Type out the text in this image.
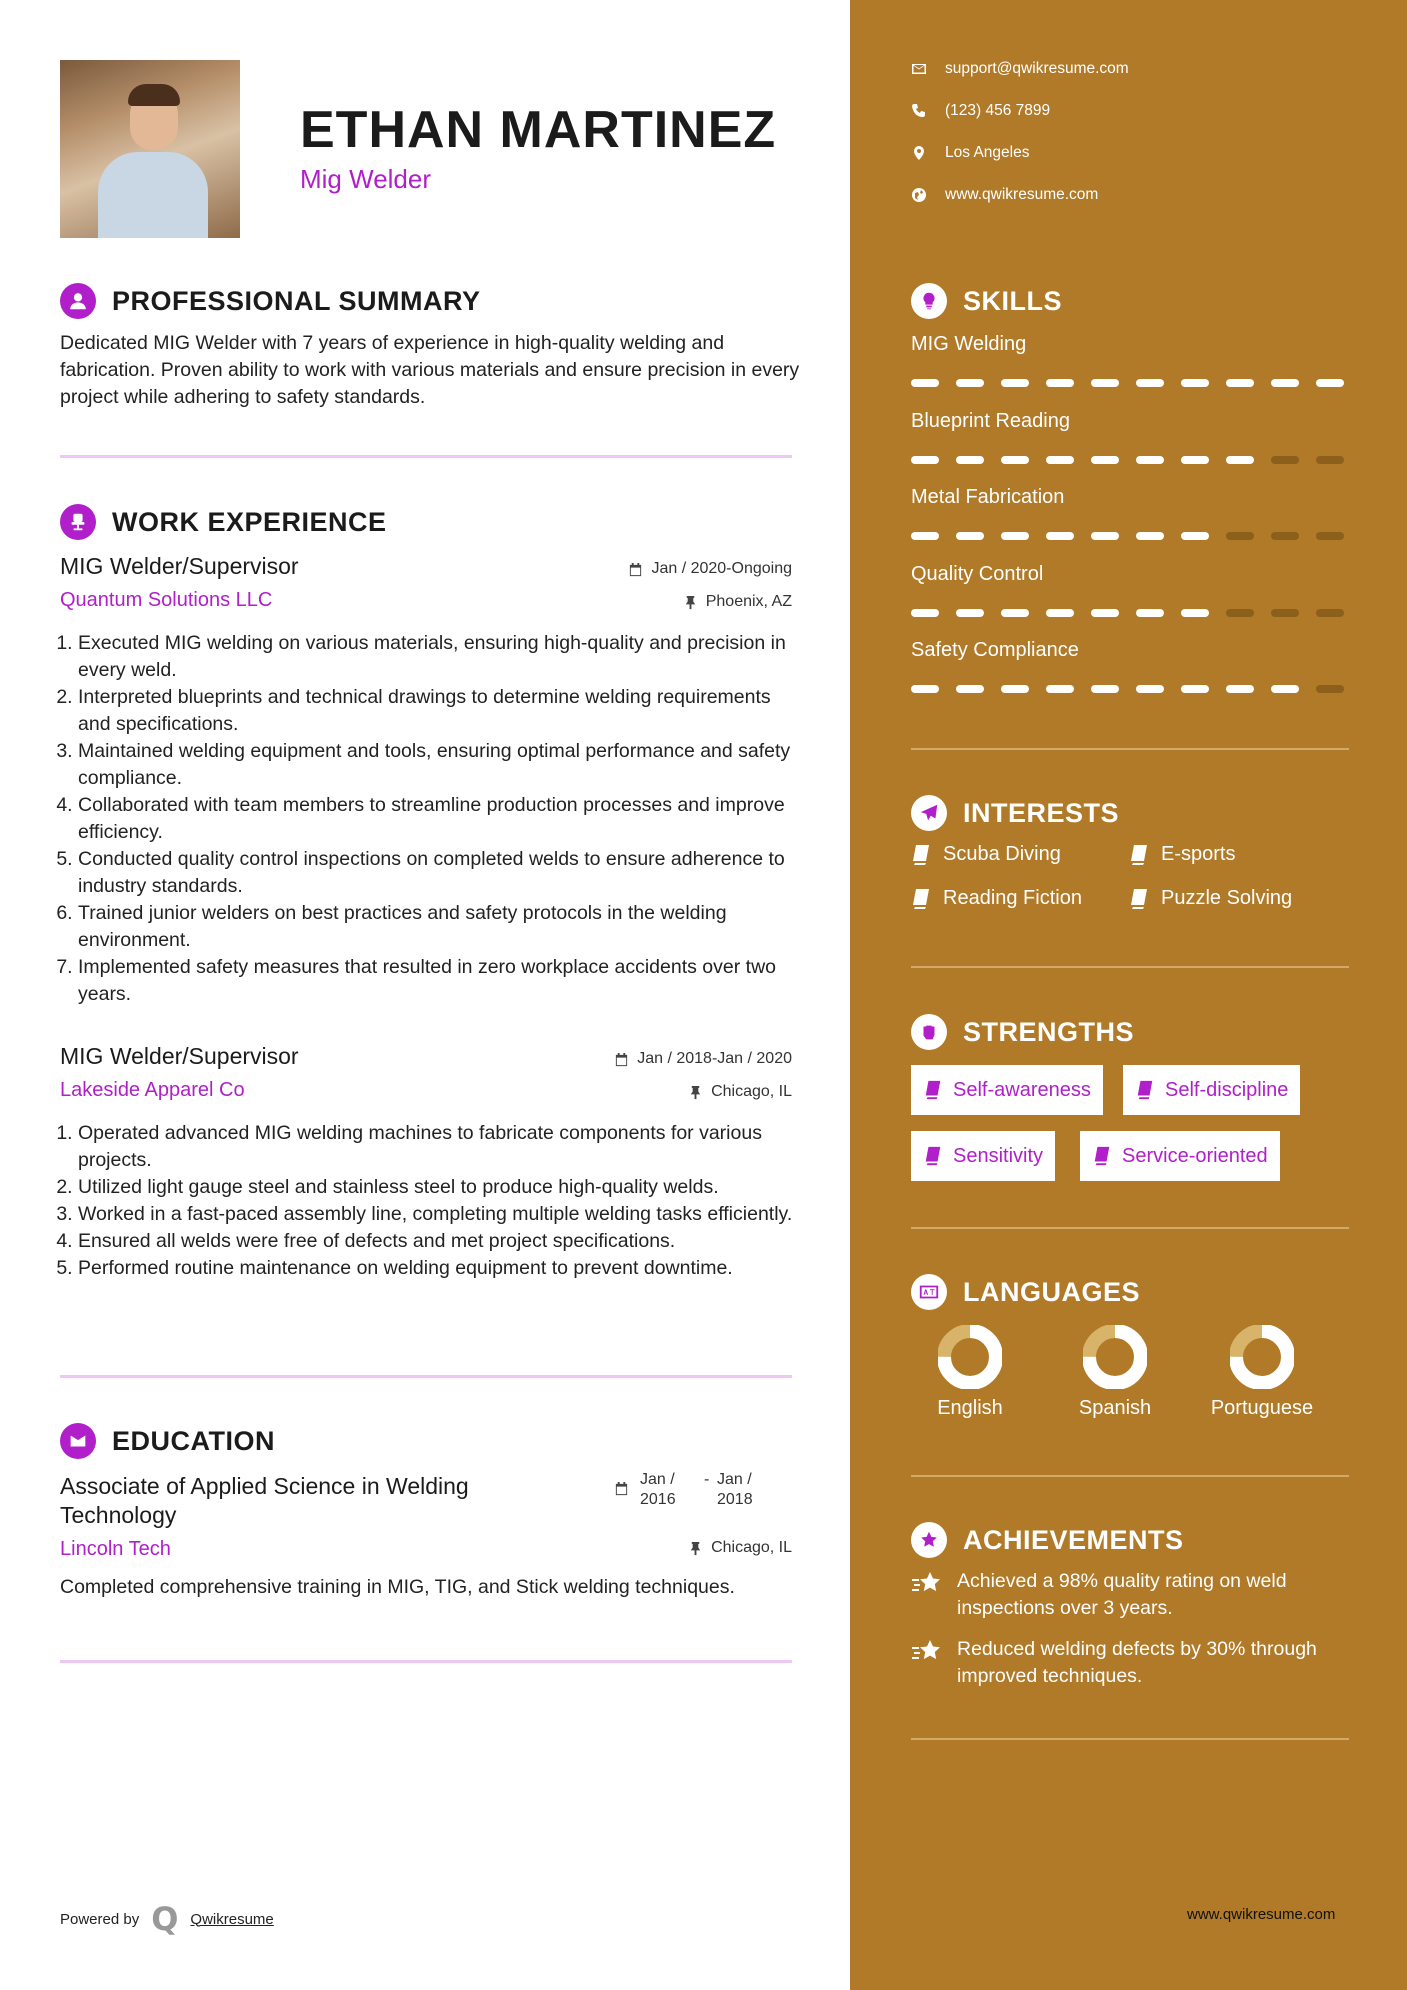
ETHAN MARTINEZ
Mig Welder
PROFESSIONAL SUMMARY
Dedicated MIG Welder with 7 years of experience in high-quality welding and fabrication. Proven ability to work with various materials and ensure precision in every project while adhering to safety standards.
WORK EXPERIENCE
MIG Welder/Supervisor
Quantum Solutions LLC
Jan / 2020-Ongoing
Phoenix, AZ
1. Executed MIG welding on various materials, ensuring high-quality and precision in every weld.
2. Interpreted blueprints and technical drawings to determine welding requirements and specifications.
3. Maintained welding equipment and tools, ensuring optimal performance and safety compliance.
4. Collaborated with team members to streamline production processes and improve efficiency.
5. Conducted quality control inspections on completed welds to ensure adherence to industry standards.
6. Trained junior welders on best practices and safety protocols in the welding environment.
7. Implemented safety measures that resulted in zero workplace accidents over two years.
MIG Welder/Supervisor
Lakeside Apparel Co
Jan / 2018-Jan / 2020
Chicago, IL
1. Operated advanced MIG welding machines to fabricate components for various projects.
2. Utilized light gauge steel and stainless steel to produce high-quality welds.
3. Worked in a fast-paced assembly line, completing multiple welding tasks efficiently.
4. Ensured all welds were free of defects and met project specifications.
5. Performed routine maintenance on welding equipment to prevent downtime.
EDUCATION
Associate of Applied Science in Welding Technology
Lincoln Tech
Jan / 2016
- Jan / 2018
Chicago, IL
Completed comprehensive training in MIG, TIG, and Stick welding techniques.
Powered by Q Qwikresume
support@qwikresume.com
(123) 456 7899
Los Angeles
www.qwikresume.com
SKILLS
MIG Welding
Blueprint Reading
Metal Fabrication
Quality Control
Safety Compliance
INTERESTS
Scuba Diving	E-sports
Reading Fiction	Puzzle Solving
STRENGTHS
Self-awareness	Self-discipline
Sensitivity	Service-oriented
LANGUAGES
English	Spanish	Portuguese
ACHIEVEMENTS
Achieved a 98% quality rating on weld inspections over 3 years.
Reduced welding defects by 30% through improved techniques.
www.qwikresume.com
